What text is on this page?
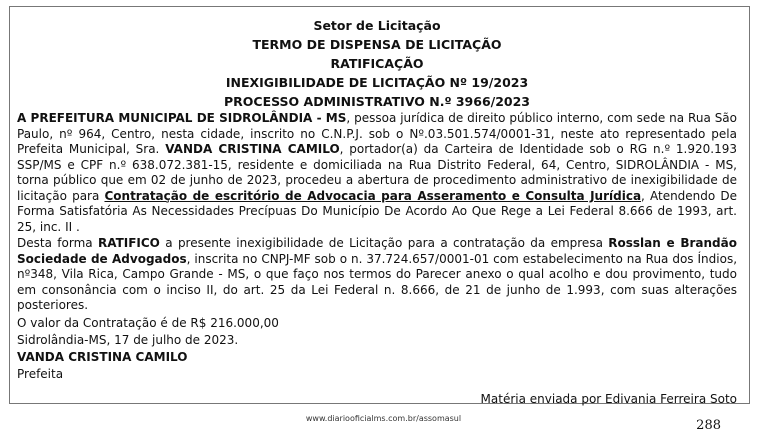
Setor de Licitação
TERMO DE DISPENSA DE LICITAÇÃO
RATIFICAÇÃO
INEXIGIBILIDADE DE LICITAÇÃO Nº 19/2023
PROCESSO ADMINISTRATIVO N.º 3966/2023

A PREFEITURA MUNICIPAL DE SIDROLÂNDIA - MS, pessoa jurídica de direito público interno, com sede na Rua São Paulo, nº 964, Centro, nesta cidade, inscrito no C.N.P.J. sob o Nº.03.501.574/0001-31, neste ato representado pela Prefeita Municipal, Sra. VANDA CRISTINA CAMILO, portador(a) da Carteira de Identidade sob o RG n.º 1.920.193 SSP/MS e CPF n.º 638.072.381-15, residente e domiciliada na Rua Distrito Federal, 64, Centro, SIDROLÂNDIA - MS, torna público que em 02 de junho de 2023, procedeu a abertura de procedimento administrativo de inexigibilidade de licitação para Contratação de escritório de Advocacia para Asseramento e Consulta Jurídica, Atendendo De Forma Satisfatória As Necessidades Precípuas Do Município De Acordo Ao Que Rege a Lei Federal 8.666 de 1993, art. 25, inc. II .

Desta forma RATIFICO a presente inexigibilidade de Licitação para a contratação da empresa Rosslan e Brandão Sociedade de Advogados, inscrita no CNPJ-MF sob o n. 37.724.657/0001-01 com estabelecimento na Rua dos Índios, nº348, Vila Rica, Campo Grande - MS, o que faço nos termos do Parecer anexo o qual acolho e dou provimento, tudo em consonância com o inciso II, do art. 25 da Lei Federal n. 8.666, de 21 de junho de 1.993, com suas alterações posteriores.

O valor da Contratação é de R$ 216.000,00

Sidrolândia-MS, 17 de julho de 2023.

VANDA CRISTINA CAMILO

Prefeita

Matéria enviada por Edivania Ferreira Soto

www.diariooficialms.com.br/assomasul	288
